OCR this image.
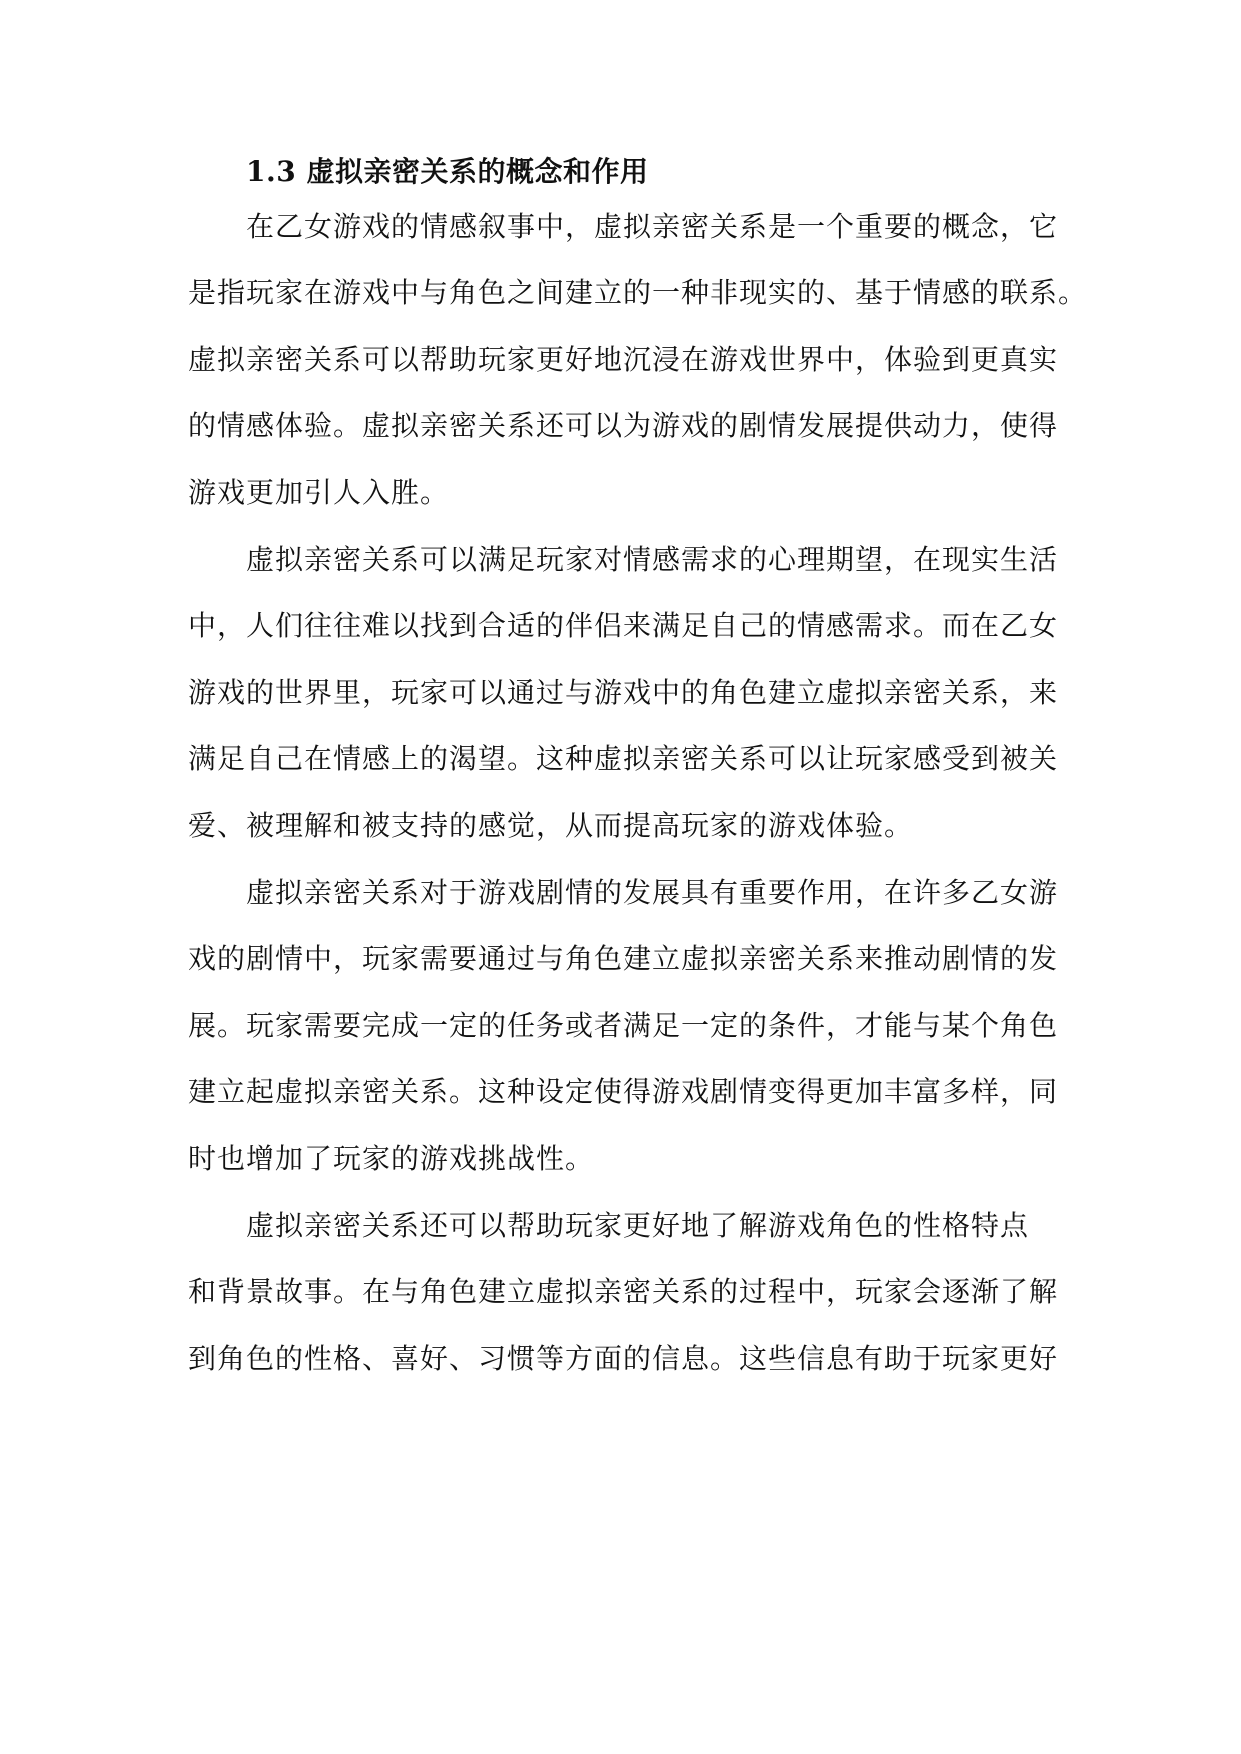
1.3 虚拟亲密关系的概念和作用
在乙女游戏的情感叙事中，虚拟亲密关系是一个重要的概念，它
是指玩家在游戏中与角色之间建立的一种非现实的、基于情感的联系。
虚拟亲密关系可以帮助玩家更好地沉浸在游戏世界中，体验到更真实
的情感体验。虚拟亲密关系还可以为游戏的剧情发展提供动力，使得
游戏更加引人入胜。
虚拟亲密关系可以满足玩家对情感需求的心理期望，在现实生活
中，人们往往难以找到合适的伴侣来满足自己的情感需求。而在乙女
游戏的世界里，玩家可以通过与游戏中的角色建立虚拟亲密关系，来
满足自己在情感上的渴望。这种虚拟亲密关系可以让玩家感受到被关
爱、被理解和被支持的感觉，从而提高玩家的游戏体验。
虚拟亲密关系对于游戏剧情的发展具有重要作用，在许多乙女游
戏的剧情中，玩家需要通过与角色建立虚拟亲密关系来推动剧情的发
展。玩家需要完成一定的任务或者满足一定的条件，才能与某个角色
建立起虚拟亲密关系。这种设定使得游戏剧情变得更加丰富多样，同
时也增加了玩家的游戏挑战性。
虚拟亲密关系还可以帮助玩家更好地了解游戏角色的性格特点
和背景故事。在与角色建立虚拟亲密关系的过程中，玩家会逐渐了解
到角色的性格、喜好、习惯等方面的信息。这些信息有助于玩家更好
